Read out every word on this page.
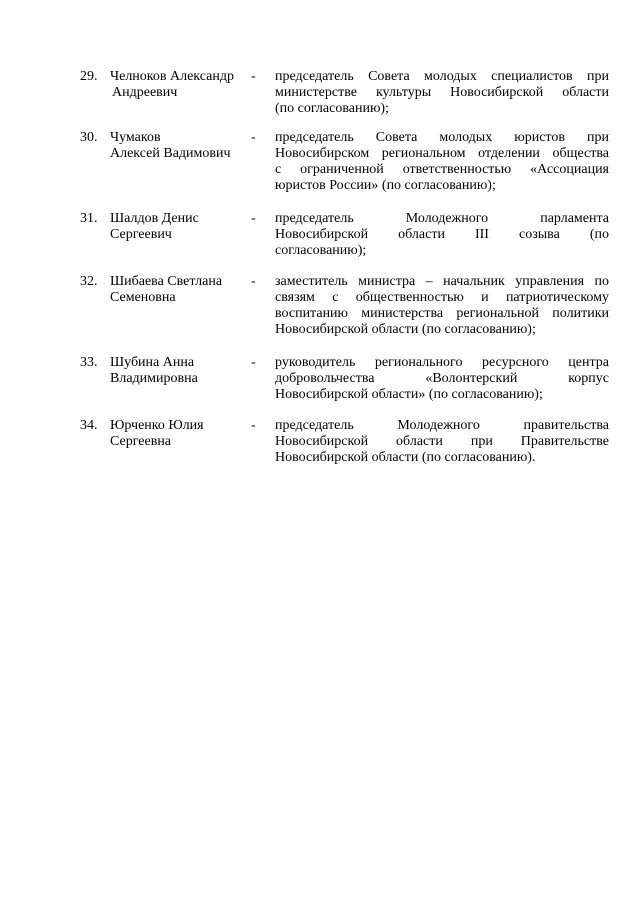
29. Челноков Александр
Андреевич
-	председатель Совета молодых специалистов при
министерстве культуры Новосибирской области
(по согласованию);
30. Чумаков
Алексей Вадимович
-	председатель Совета молодых юристов при
Новосибирском региональном отделении общества
с ограниченной ответственностью «Ассоциация
юристов России» (по согласованию);
31. Шалдов Денис
Сергеевич
-	председатель Молодежного парламента
Новосибирской области III созыва (по
согласованию);
32. Шибаева Светлана
Семеновна
-	заместитель министра – начальник управления по
связям с общественностью и патриотическому
воспитанию министерства региональной политики
Новосибирской области (по согласованию);
33. Шубина Анна
Владимировна
-	руководитель регионального ресурсного центра
добровольчества «Волонтерский корпус
Новосибирской области» (по согласованию);
34. Юрченко Юлия
Сергеевна
-	председатель Молодежного правительства
Новосибирской области при Правительстве
Новосибирской области (по согласованию).
